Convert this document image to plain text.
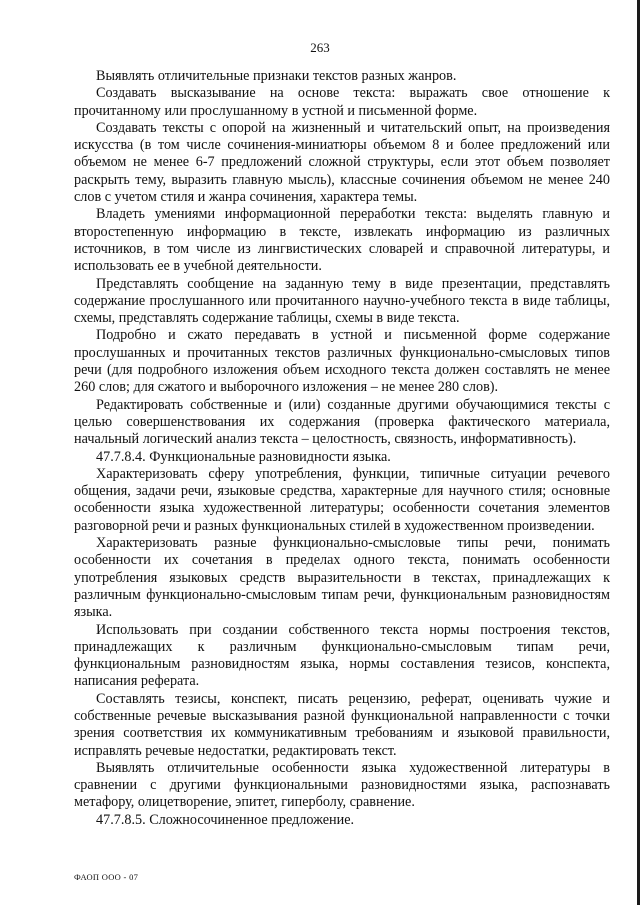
263

Выявлять отличительные признаки текстов разных жанров.

Создавать высказывание на основе текста: выражать свое отношение к прочитанному или прослушанному в устной и письменной форме.

Создавать тексты с опорой на жизненный и читательский опыт, на произведения искусства (в том числе сочинения-миниатюры объемом 8 и более предложений или объемом не менее 6-7 предложений сложной структуры, если этот объем позволяет раскрыть тему, выразить главную мысль), классные сочинения объемом не менее 240 слов с учетом стиля и жанра сочинения, характера темы.

Владеть умениями информационной переработки текста: выделять главную и второстепенную информацию в тексте, извлекать информацию из различных источников, в том числе из лингвистических словарей и справочной литературы, и использовать ее в учебной деятельности.

Представлять сообщение на заданную тему в виде презентации, представлять содержание прослушанного или прочитанного научно-учебного текста в виде таблицы, схемы, представлять содержание таблицы, схемы в виде текста.

Подробно и сжато передавать в устной и письменной форме содержание прослушанных и прочитанных текстов различных функционально-смысловых типов речи (для подробного изложения объем исходного текста должен составлять не менее 260 слов; для сжатого и выборочного изложения – не менее 280 слов).

Редактировать собственные и (или) созданные другими обучающимися тексты с целью совершенствования их содержания (проверка фактического материала, начальный логический анализ текста – целостность, связность, информативность).

47.7.8.4. Функциональные разновидности языка.

Характеризовать сферу употребления, функции, типичные ситуации речевого общения, задачи речи, языковые средства, характерные для научного стиля; основные особенности языка художественной литературы; особенности сочетания элементов разговорной речи и разных функциональных стилей в художественном произведении.

Характеризовать разные функционально-смысловые типы речи, понимать особенности их сочетания в пределах одного текста, понимать особенности употребления языковых средств выразительности в текстах, принадлежащих к различным функционально-смысловым типам речи, функциональным разновидностям языка.

Использовать при создании собственного текста нормы построения текстов, принадлежащих к различным функционально-смысловым типам речи, функциональным разновидностям языка, нормы составления тезисов, конспекта, написания реферата.

Составлять тезисы, конспект, писать рецензию, реферат, оценивать чужие и собственные речевые высказывания разной функциональной направленности с точки зрения соответствия их коммуникативным требованиям и языковой правильности, исправлять речевые недостатки, редактировать текст.

Выявлять отличительные особенности языка художественной литературы в сравнении с другими функциональными разновидностями языка, распознавать метафору, олицетворение, эпитет, гиперболу, сравнение.

47.7.8.5. Сложносочиненное предложение.

ФАОП ООО - 07
